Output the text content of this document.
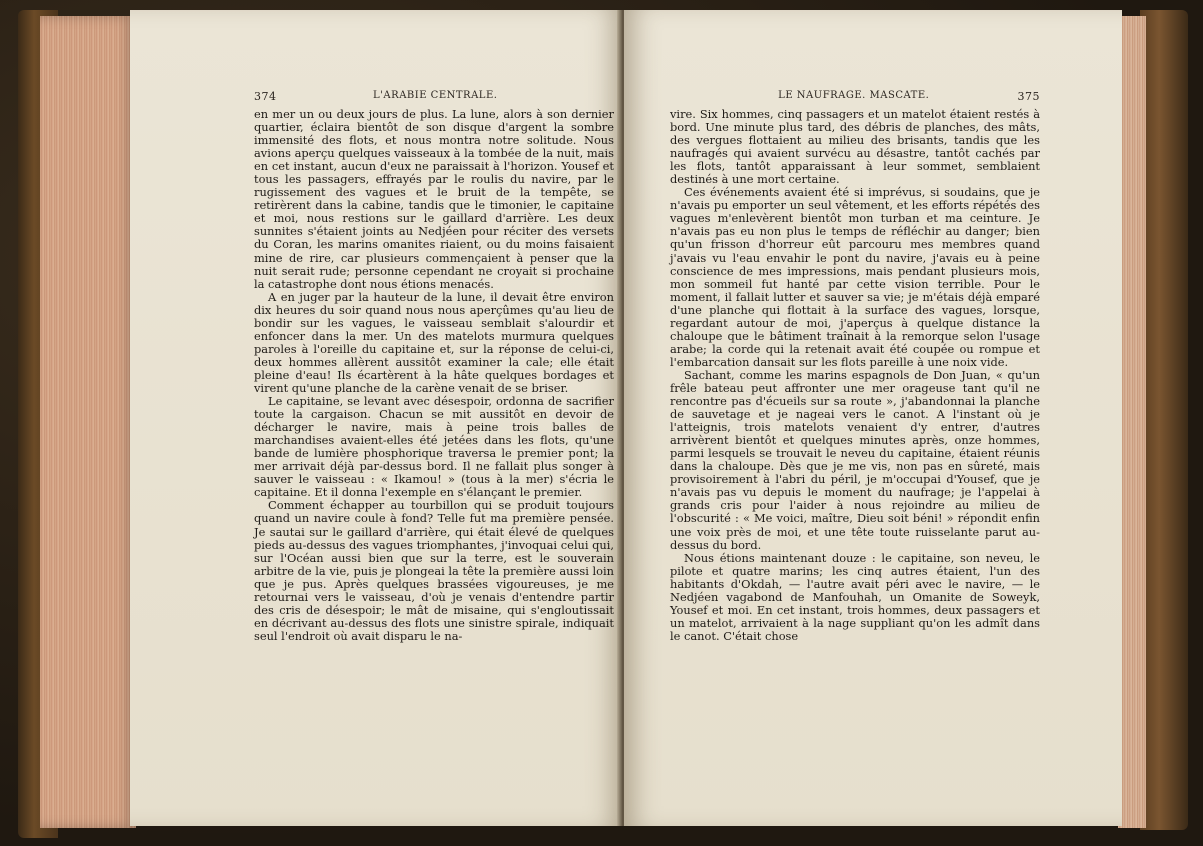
374	L'ARABIE CENTRALE.

en mer un ou deux jours de plus. La lune, alors à son dernier quartier, éclaira bientôt de son disque d'argent la sombre immensité des flots, et nous montra notre solitude. Nous avions aperçu quelques vaisseaux à la tombée de la nuit, mais en cet instant, aucun d'eux ne paraissait à l'horizon. Yousef et tous les passagers, effrayés par le roulis du navire, par le rugissement des vagues et le bruit de la tempête, se retirèrent dans la cabine, tandis que le timonier, le capitaine et moi, nous restions sur le gaillard d'arrière. Les deux sunnites s'étaient joints au Nedjéen pour réciter des versets du Coran, les marins omanites riaient, ou du moins faisaient mine de rire, car plusieurs commençaient à penser que la nuit serait rude; personne cependant ne croyait si prochaine la catastrophe dont nous étions menacés.

A en juger par la hauteur de la lune, il devait être environ dix heures du soir quand nous nous aperçûmes qu'au lieu de bondir sur les vagues, le vaisseau semblait s'alourdir et enfoncer dans la mer. Un des matelots murmura quelques paroles à l'oreille du capitaine et, sur la réponse de celui-ci, deux hommes allèrent aussitôt examiner la cale; elle était pleine d'eau! Ils écartèrent à la hâte quelques bordages et virent qu'une planche de la carène venait de se briser.

Le capitaine, se levant avec désespoir, ordonna de sacrifier toute la cargaison. Chacun se mit aussitôt en devoir de décharger le navire, mais à peine trois balles de marchandises avaient-elles été jetées dans les flots, qu'une bande de lumière phosphorique traversa le premier pont; la mer arrivait déjà par-dessus bord. Il ne fallait plus songer à sauver le vaisseau : « Ikamou! » (tous à la mer) s'écria le capitaine. Et il donna l'exemple en s'élançant le premier.

Comment échapper au tourbillon qui se produit toujours quand un navire coule à fond? Telle fut ma première pensée. Je sautai sur le gaillard d'arrière, qui était élevé de quelques pieds au-dessus des vagues triomphantes, j'invoquai celui qui, sur l'Océan aussi bien que sur la terre, est le souverain arbitre de la vie, puis je plongeai la tête la première aussi loin que je pus. Après quelques brassées vigoureuses, je me retournai vers le vaisseau, d'où je venais d'entendre partir des cris de désespoir; le mât de misaine, qui s'engloutissait en décrivant au-dessus des flots une sinistre spirale, indiquait seul l'endroit où avait disparu le na-

LE NAUFRAGE. MASCATE.	375

vire. Six hommes, cinq passagers et un matelot étaient restés à bord. Une minute plus tard, des débris de planches, des mâts, des vergues flottaient au milieu des brisants, tandis que les naufragés qui avaient survécu au désastre, tantôt cachés par les flots, tantôt apparaissant à leur sommet, semblaient destinés à une mort certaine.

Ces événements avaient été si imprévus, si soudains, que je n'avais pu emporter un seul vêtement, et les efforts répétés des vagues m'enlevèrent bientôt mon turban et ma ceinture. Je n'avais pas eu non plus le temps de réfléchir au danger; bien qu'un frisson d'horreur eût parcouru mes membres quand j'avais vu l'eau envahir le pont du navire, j'avais eu à peine conscience de mes impressions, mais pendant plusieurs mois, mon sommeil fut hanté par cette vision terrible. Pour le moment, il fallait lutter et sauver sa vie; je m'étais déjà emparé d'une planche qui flottait à la surface des vagues, lorsque, regardant autour de moi, j'aperçus à quelque distance la chaloupe que le bâtiment traînait à la remorque selon l'usage arabe; la corde qui la retenait avait été coupée ou rompue et l'embarcation dansait sur les flots pareille à une noix vide.

Sachant, comme les marins espagnols de Don Juan, « qu'un frêle bateau peut affronter une mer orageuse tant qu'il ne rencontre pas d'écueils sur sa route », j'abandonnai la planche de sauvetage et je nageai vers le canot. A l'instant où je l'atteignis, trois matelots venaient d'y entrer, d'autres arrivèrent bientôt et quelques minutes après, onze hommes, parmi lesquels se trouvait le neveu du capitaine, étaient réunis dans la chaloupe. Dès que je me vis, non pas en sûreté, mais provisoirement à l'abri du péril, je m'occupai d'Yousef, que je n'avais pas vu depuis le moment du naufrage; je l'appelai à grands cris pour l'aider à nous rejoindre au milieu de l'obscurité : « Me voici, maître, Dieu soit béni! » répondit enfin une voix près de moi, et une tête toute ruisselante parut au-dessus du bord.

Nous étions maintenant douze : le capitaine, son neveu, le pilote et quatre marins; les cinq autres étaient, l'un des habitants d'Okdah, — l'autre avait péri avec le navire, — le Nedjéen vagabond de Manfouhah, un Omanite de Soweyk, Yousef et moi. En cet instant, trois hommes, deux passagers et un matelot, arrivaient à la nage suppliant qu'on les admît dans le canot. C'était chose
